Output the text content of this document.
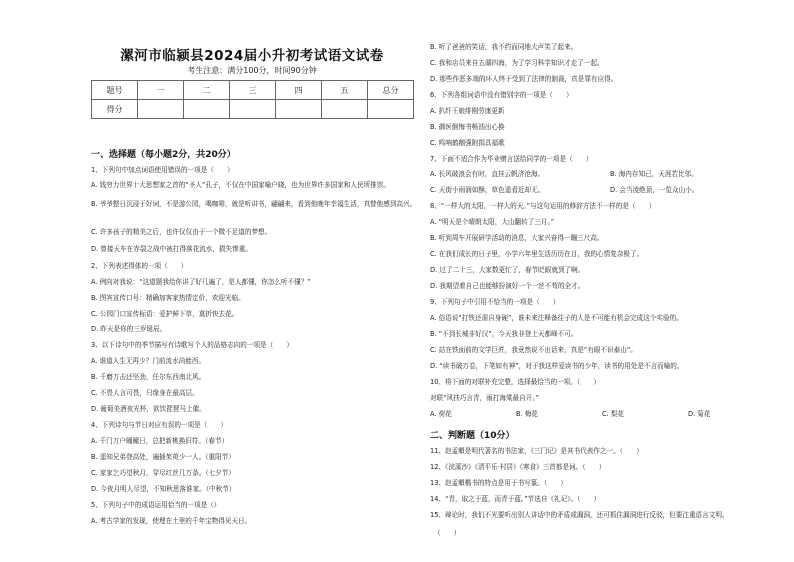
漯河市临颍县2024届小升初考试语文试卷
考生注意：满分100分，时间90分钟
题号	一	二	三	四	五	总分
得分						
一、选择题（每小题2分，共20分）
1、下列句中加点词语使用错误的一项是（　　）
A. 钱穷力世界十大思想家之首的“圣人”孔子，不仅在中国家喻户晓，也为世界许多国家和人民所推崇。
B. 爷爷整日沉浸于好词，不是游公园，喝咖啡，就是听讲书，翩翩来，看到他晚年幸福生活，真替他感到高兴。
C. 许多孩子的精美之后，也许仅仅由于一个微不足道的梦想。
D. 曾接天车在赤裂之战中被打得落花流水，损失惨重。
2、下列表述得体的一项（　　）
A. 例向对我说：“这道题我给你讲了好几遍了，是人都懂，你怎么听不懂？”
B. 图宾宣传口号：精确加客家热情定价，欢迎光临。
C. 公园门口宣传标语：爱护鲜下草，莫折快去花。
D. 昨天是你的三岁诞辰。
3、以下诗句中的季节描写有诗歌写个人的品格志向的一项是（　　）
A. 谁道人生无再少？门前流水尚能西。
B. 千磨万击还坚劲，任尔东西南北风。
C. 不畏人言可畏，只缘身在最高层。
D. 葡萄美酒夜光杯，欲饮琵琶马上催。
4、下列诗句与节日对应有误的一项是（　　）
A. 千门万户曈曈日，总把新桃换旧符。（春节）
B. 遥知兄弟登高处，遍插茱萸少一人。（重阳节）
C. 家家乞巧望秋月，穿尽红丝几万条。（七夕节）
D. 今夜月明人尽望，不知秋思落谁家。（中秋节）
5、下列句子中的成语运用恰当的一项是（）
A. 考古学家的发现，使埋在土里的千年宝物得见天日。
B. 听了爸爸的笑话，我不约而同地大声笑了起来。
C. 我和店员来自五湖四海，为了学习科学知识才走了一起。
D. 那些作恶多端的坏人终于受到了法律的制裁，真是罪有应得。
6、下列各组词语中没有错别字的一项是（　　）
A. 扒纤王娘绯刚劳康更新
B. 御医倒悔书畅油出心换
C. 鸣响鹤鹅强附捐具福歌
7、下面不适合作为毕业赠言送给同学的一项是（　　）
A. 长风破浪会有时，直挂云帆济沧海。	B. 海内存知己，天涯若比邻。
C. 天街小雨润如酥，草色遥看近却无。	D. 会当凌绝顶，一览众山小。
8、“一样大的太阳，一样大的天。”与这句运用的修辞方法不一样的是（　　）
A. “明天是个晴朗太阳，大山翻转了三月。”
B. 听到周车开展研学活动的消息，大家兴奋得一蹦三尺高。
C. 在我们成长的日子里，小学六年里生活历历在目，我的心情复杂极了。
D. 过了二十三，大家数更忙了，春节眨眼就到了啊。
D. 我期望着自己也能够扮演好一个一丝不苟的全才。
9、下列句子中引用不恰当的一项是（　　）
A. 俗语说“打铁还需自身硬”，谁未来注释备往子的人是不可能有机会完成这个实验的。
B. “不到长城非好汉”，今天我非登上天都峰不可。
C. 站在铁面前的文学巨匠，我竟然说不出话来，真是“有眼不识泰山”。
D. “读书破万卷，下笔如有神”，对于我这样爱读书的少年，读书的用处是不言而喻的。
10、将下面的对联补充完整，选择最恰当的一项。（　　）
对联“风扶巧言青，雨打海棠最自开。”
A. 荷花	B. 梅花	C. 梨花	D. 菊花
二、判断题（10分）
11、赵孟頫是明代著名的书法家，《三门记》是其书代表作之一。（　　）
12、《浣溪沙》《清平乐·村居》《寒食》三首都是词。（　　）
13、赵孟頫楷书的特点是用于书写篆。（　　）
14、“青，取之于蓝，而青于蓝。”节选自《礼记》。（　　）
15、辩论时，我们不光要听出别人讲话中的矛盾或漏洞，还可抓住漏洞进行反驳，但要注重语言文明。
（　　）
